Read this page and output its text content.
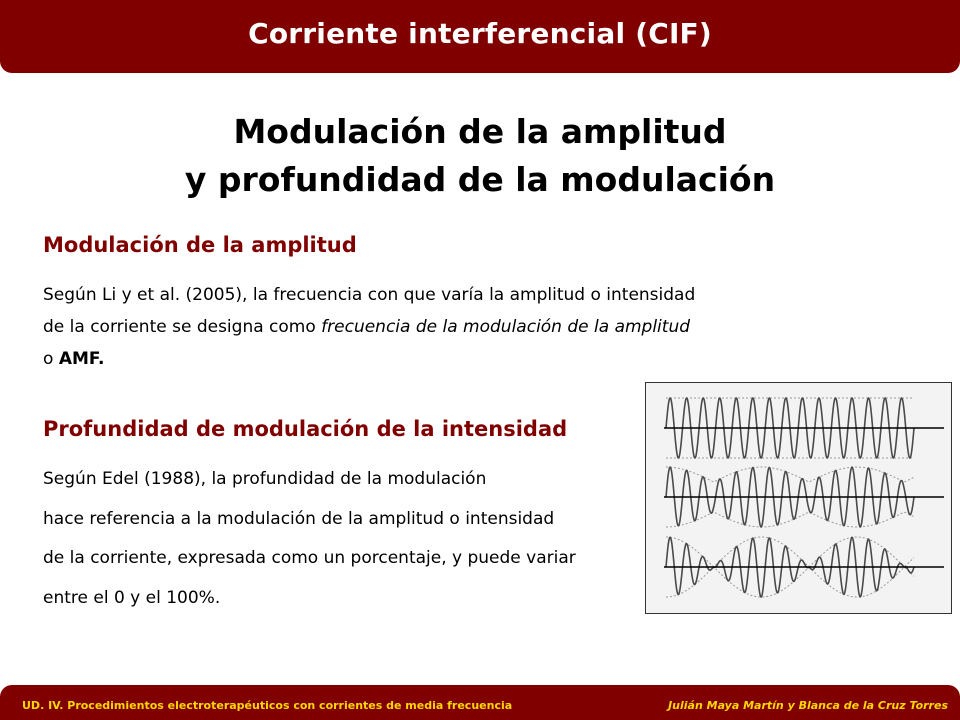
Corriente interferencial (CIF)
Modulación de la amplitud
y profundidad de la modulación
Modulación de la amplitud
Según Li y et al. (2005), la frecuencia con que varía la amplitud o intensidad
de la corriente se designa como frecuencia de la modulación de la amplitud
o AMF.
Profundidad de modulación de la intensidad
Según Edel (1988), la profundidad de la modulación
hace referencia a la modulación de la amplitud o intensidad
de la corriente, expresada como un porcentaje, y puede variar
entre el 0 y el 100%.
UD. IV. Procedimientos electroterapéuticos con corrientes de media frecuencia	Julián Maya Martín y Blanca de la Cruz Torres
